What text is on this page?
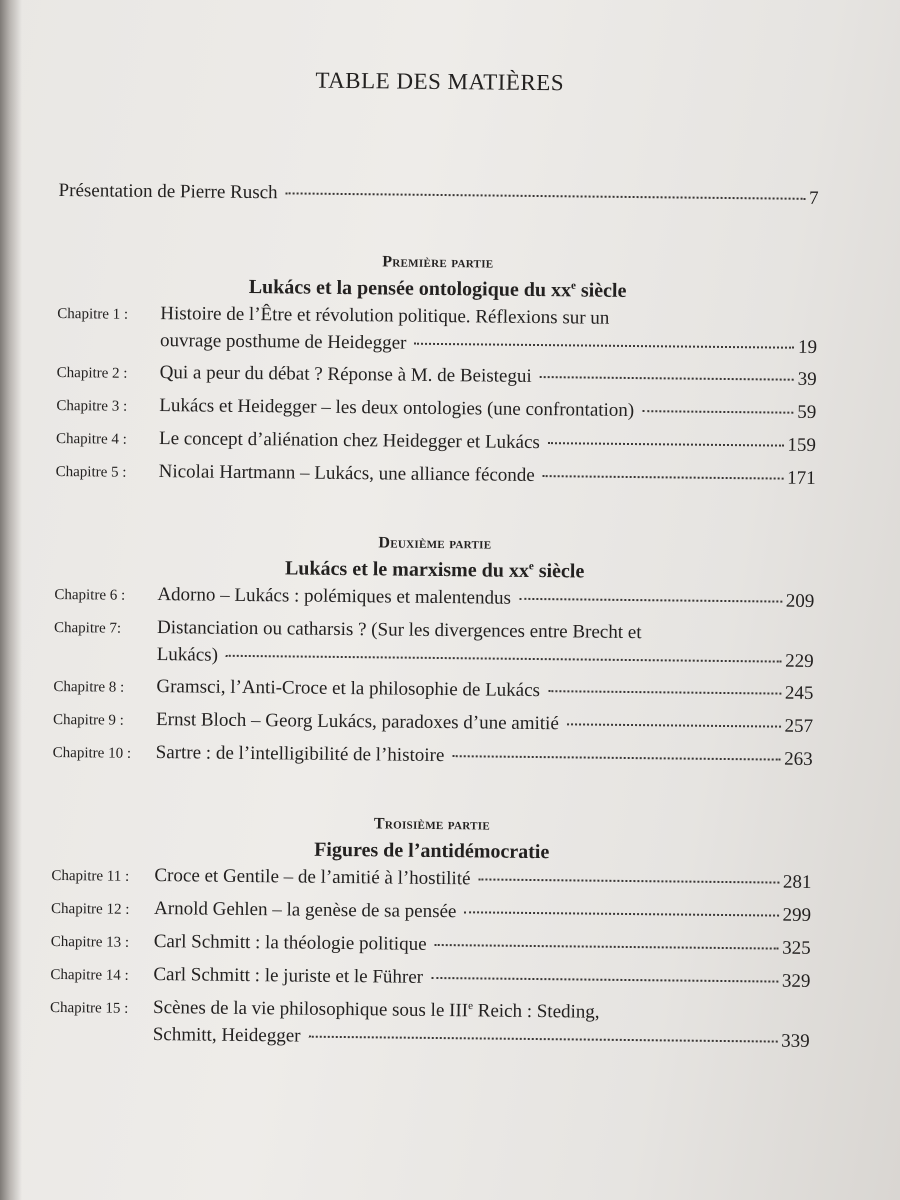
TABLE DES MATIÈRES
Présentation de Pierre Rusch	7
Première partie
Lukács et la pensée ontologique du $xx^e$ siècle
Chapitre 1 :	Histoire de l’Être et révolution politique. Réflexions sur un
ouvrage posthume de Heidegger	19
Chapitre 2 :	Qui a peur du débat ? Réponse à M. de Beistegui	39
Chapitre 3 :	Lukács et Heidegger – les deux ontologies (une confrontation)	59
Chapitre 4 :	Le concept d’aliénation chez Heidegger et Lukács	159
Chapitre 5 :	Nicolai Hartmann – Lukács, une alliance féconde	171
Deuxième partie
Lukács et le marxisme du $xx^e$ siècle
Chapitre 6 :	Adorno – Lukács : polémiques et malentendus	209
Chapitre 7:	Distanciation ou catharsis ? (Sur les divergences entre Brecht et
Lukács)	229
Chapitre 8 :	Gramsci, l’Anti-Croce et la philosophie de Lukács	245
Chapitre 9 :	Ernst Bloch – Georg Lukács, paradoxes d’une amitié	257
Chapitre 10 :	Sartre : de l’intelligibilité de l’histoire	263
Troisième partie
Figures de l’antidémocratie
Chapitre 11 :	Croce et Gentile – de l’amitié à l’hostilité	281
Chapitre 12 :	Arnold Gehlen – la genèse de sa pensée	299
Chapitre 13 :	Carl Schmitt : la théologie politique	325
Chapitre 14 :	Carl Schmitt : le juriste et le Führer	329
Chapitre 15 :	Scènes de la vie philosophique sous le IIIe Reich : Steding,
Schmitt, Heidegger	339
